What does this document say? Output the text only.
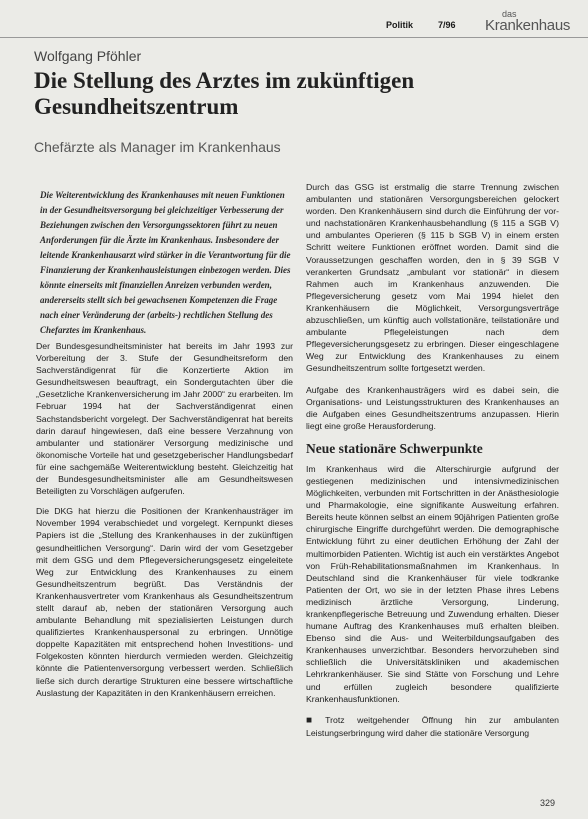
Politik	7/96
das
Krankenhaus
Wolfgang Pföhler
Die Stellung des Arztes im zukünftigen Gesundheitszentrum
Chefärzte als Manager im Krankenhaus

Die Weiterentwicklung des Krankenhauses mit neuen Funktionen in der Gesundheitsversorgung bei gleichzeitiger Verbesserung der Beziehungen zwischen den Versorgungssektoren führt zu neuen Anforderungen für die Ärzte im Krankenhaus. Insbesondere der leitende Krankenhausarzt wird stärker in die Verantwortung für die Finanzierung der Krankenhausleistungen einbezogen werden. Dies könnte einerseits mit finanziellen Anreizen verbunden werden, andererseits stellt sich bei gewachsenen Kompetenzen die Frage nach einer Veränderung der (arbeits-) rechtlichen Stellung des Chefarztes im Krankenhaus.

Der Bundesgesundheitsminister hat bereits im Jahr 1993 zur Vorbereitung der 3. Stufe der Gesundheitsreform den Sachverständigenrat für die Konzertierte Aktion im Gesundheitswesen beauftragt, ein Sondergutachten über die „Gesetzliche Krankenversicherung im Jahr 2000“ zu erarbeiten. Im Februar 1994 hat der Sachverständigenrat einen Sachstandsbericht vorgelegt. Der Sachverständigenrat hat bereits darin darauf hingewiesen, daß eine bessere Verzahnung von ambulanter und stationärer Versorgung medizinische und ökonomische Vorteile hat und gesetzgeberischer Handlungsbedarf für eine sachgemäße Weiterentwicklung besteht. Gleichzeitig hat der Bundesgesundheitsminister alle am Gesundheitswesen Beteiligten zu Vorschlägen aufgerufen.

Die DKG hat hierzu die Positionen der Krankenhausträger im November 1994 verabschiedet und vorgelegt. Kernpunkt dieses Papiers ist die „Stellung des Krankenhauses in der zukünftigen gesundheitlichen Versorgung“. Darin wird der vom Gesetzgeber mit dem GSG und dem Pflegeversicherungsgesetz eingeleitete Weg zur Entwicklung des Krankenhauses zu einem Gesundheitszentrum begrüßt. Das Verständnis der Krankenhausvertreter vom Krankenhaus als Gesundheitszentrum stellt darauf ab, neben der stationären Versorgung auch ambulante Behandlung mit spezialisierten Leistungen durch qualifiziertes Krankenhauspersonal zu erbringen. Unnötige doppelte Kapazitäten mit entsprechend hohen Investitions- und Folgekosten könnten hierdurch vermieden werden. Gleichzeitig könnte die Patientenversorgung verbessert werden. Schließlich ließe sich durch derartige Strukturen eine bessere wirtschaftliche Auslastung der Kapazitäten in den Krankenhäusern erreichen.

Durch das GSG ist erstmalig die starre Trennung zwischen ambulanten und stationären Versorgungsbereichen gelockert worden. Den Krankenhäusern sind durch die Einführung der vor- und nachstationären Krankenhausbehandlung (§ 115 a SGB V) und ambulantes Operieren (§ 115 b SGB V) in einem ersten Schritt weitere Funktionen eröffnet worden. Damit sind die Voraussetzungen geschaffen worden, den in § 39 SGB V verankerten Grundsatz „ambulant vor stationär“ in diesem Rahmen auch im Krankenhaus anzuwenden. Die Pflegeversicherung gesetz vom Mai 1994 hielet den Krankenhäusern die Möglichkeit, Versorgungsverträge abzuschließen, um künftig auch vollstationäre, teilstationäre und ambulante Pflegeleistungen nach dem Pflegeversicherungsgesetz zu erbringen. Dieser eingeschlagene Weg zur Entwicklung des Krankenhauses zu einem Gesundheitszentrum sollte fortgesetzt werden.

Aufgabe des Krankenhausträgers wird es dabei sein, die Organisations- und Leistungsstrukturen des Krankenhauses an die Aufgaben eines Gesundheitszentrums anzupassen. Hierin liegt eine große Herausforderung.

Neue stationäre Schwerpunkte

Im Krankenhaus wird die Alterschirurgie aufgrund der gestiegenen medizinischen und intensivmedizinischen Möglichkeiten, verbunden mit Fortschritten in der Anästhesiologie und Pharmakologie, eine signifikante Ausweitung erfahren. Bereits heute können selbst an einem 90jährigen Patienten große chirurgische Eingriffe durchgeführt werden. Die demographische Entwicklung führt zu einer deutlichen Erhöhung der Zahl der multimorbiden Patienten. Wichtig ist auch ein verstärktes Angebot von Früh-Rehabilitationsmaßnahmen im Krankenhaus. In Deutschland sind die Krankenhäuser für viele todkranke Patienten der Ort, wo sie in der letzten Phase ihres Lebens medizinisch ärztliche Versorgung, Linderung, krankenpflegerische Betreuung und Zuwendung erhalten. Dieser humane Auftrag des Krankenhauses muß erhalten bleiben. Ebenso sind die Aus- und Weiterbildungsaufgaben des Krankenhauses unverzichtbar. Besonders hervorzuheben sind schließlich die Universitätskliniken und akademischen Lehrkrankenhäuser. Sie sind Stätte von Forschung und Lehre und erfüllen zugleich besondere qualifizierte Krankenhausfunktionen.

■ Trotz weitgehender Öffnung hin zur ambulanten Leistungserbringung wird daher die stationäre Versorgung

329
